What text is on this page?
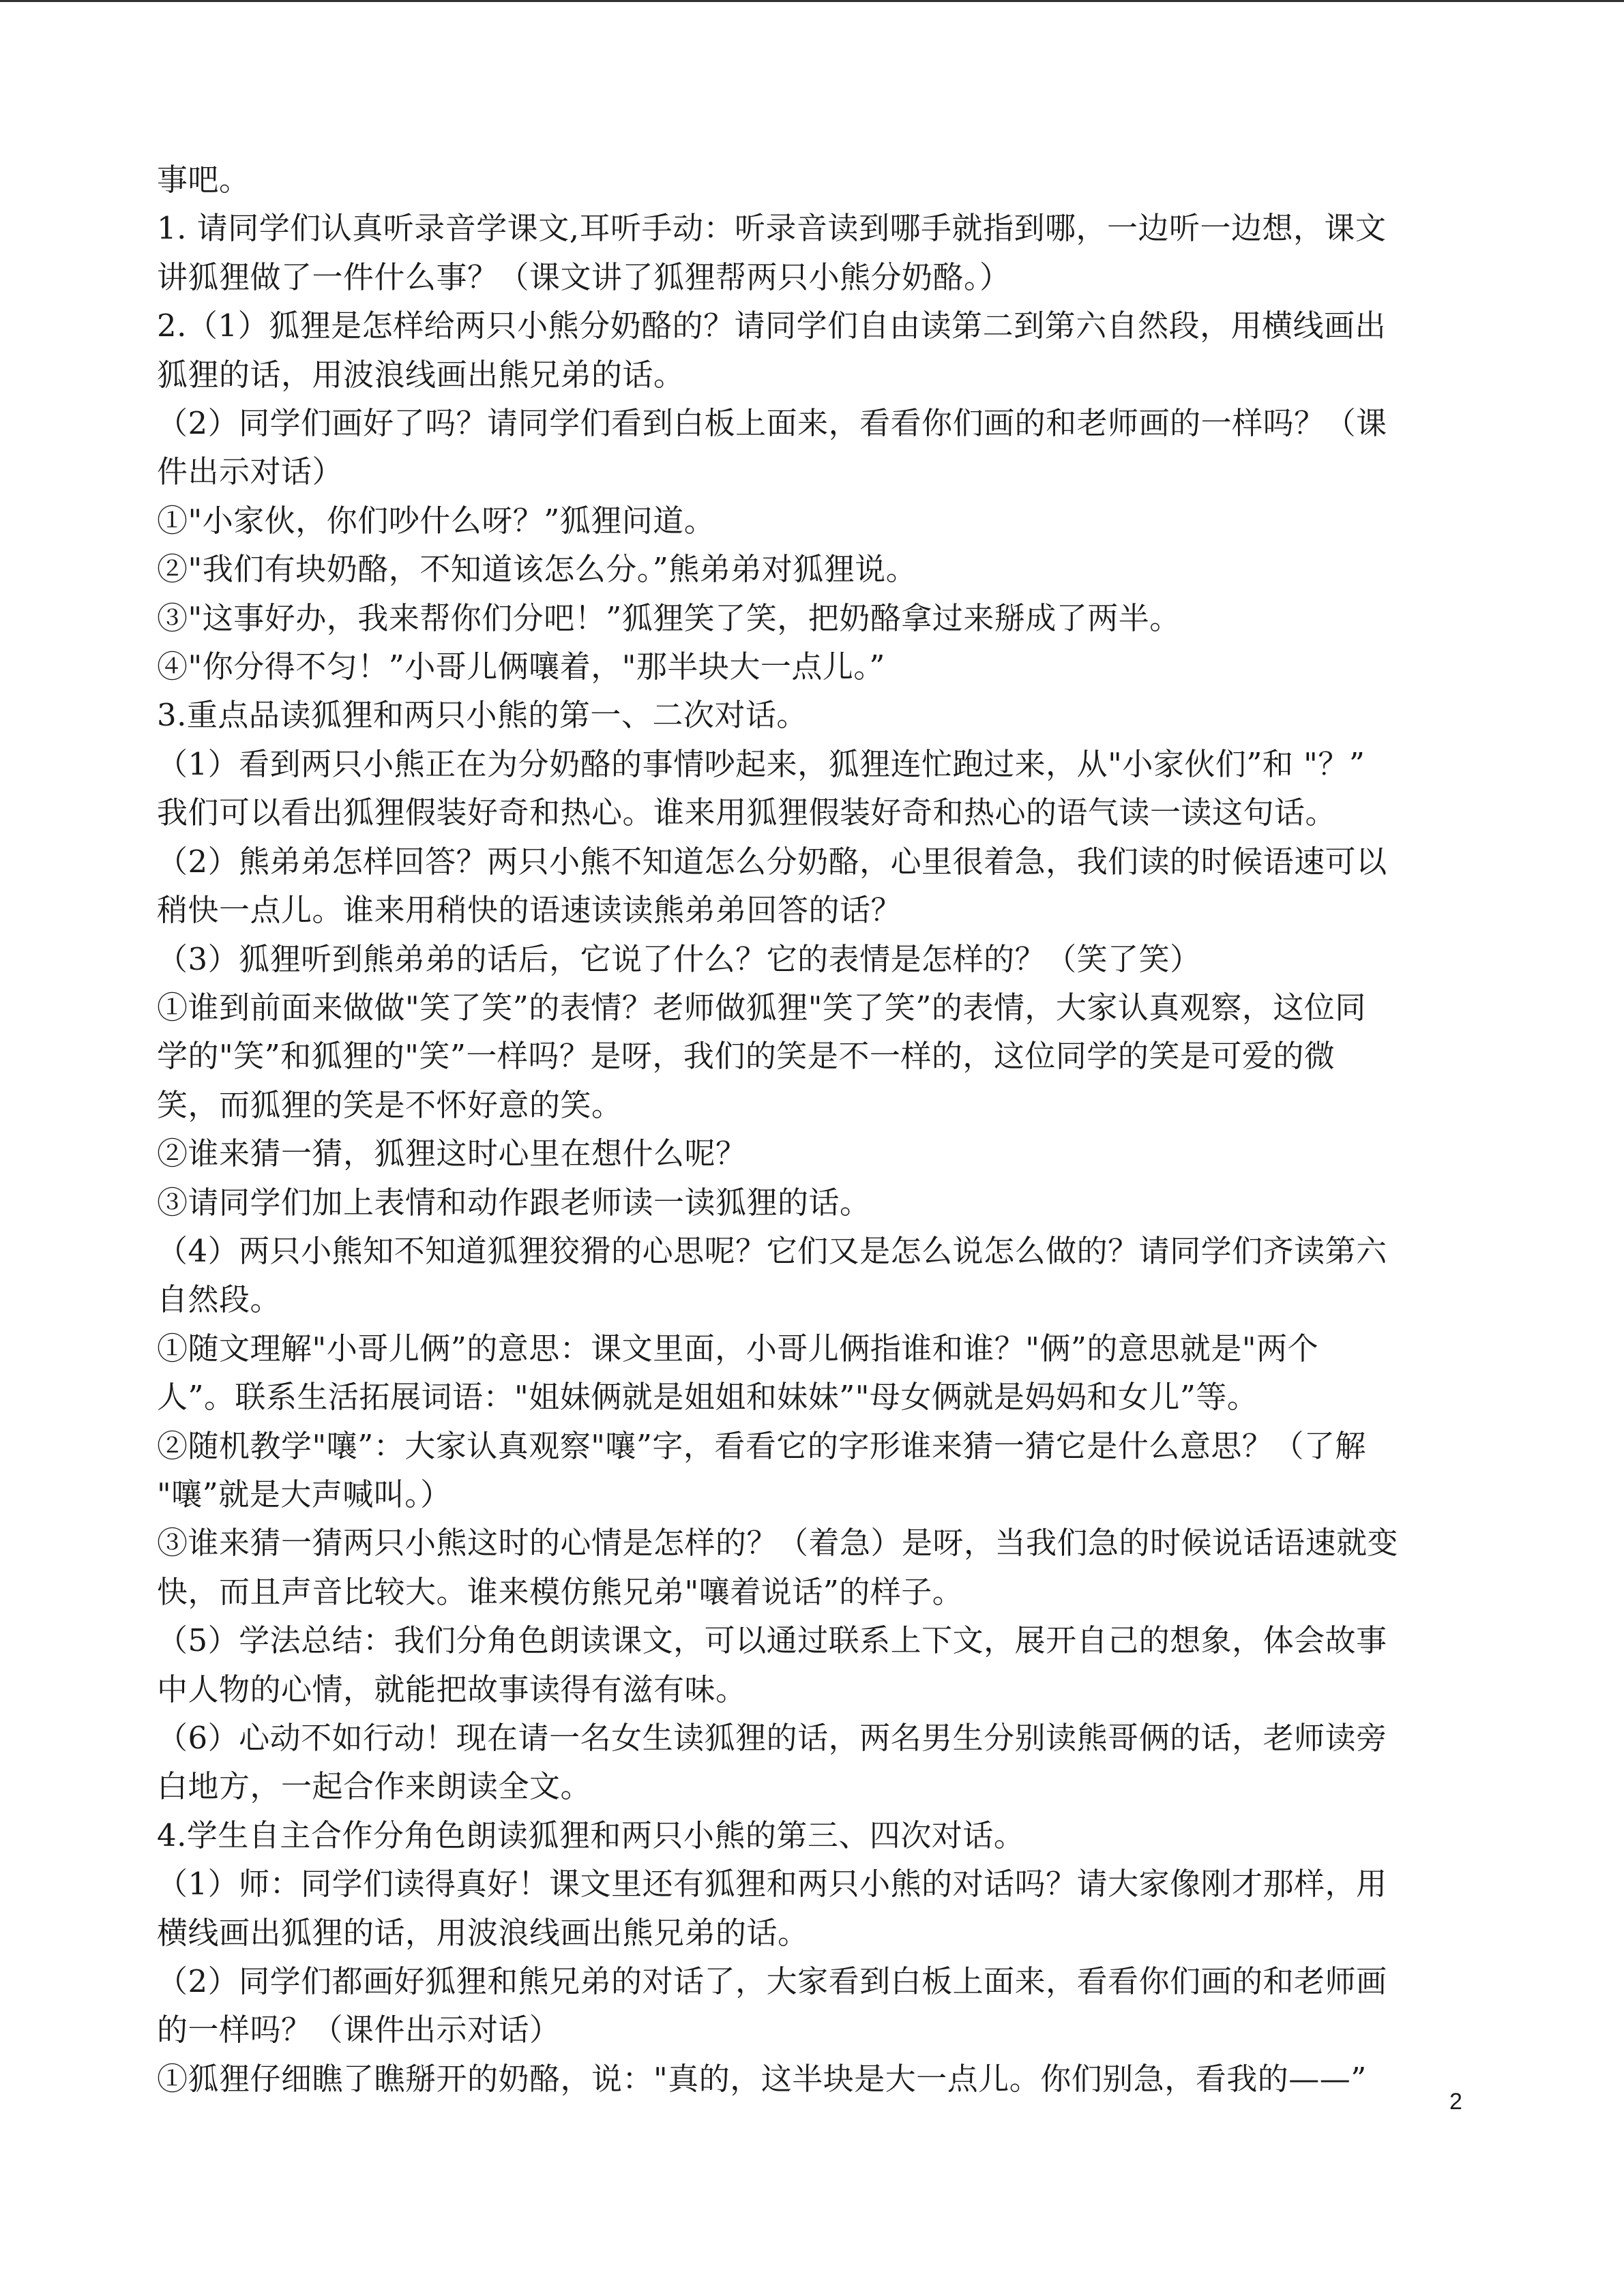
事吧。
1. 请同学们认真听录音学课文,耳听手动：听录音读到哪手就指到哪，一边听一边想，课文
讲狐狸做了一件什么事？（课文讲了狐狸帮两只小熊分奶酪。）
2.（1）狐狸是怎样给两只小熊分奶酪的？请同学们自由读第二到第六自然段，用横线画出
狐狸的话，用波浪线画出熊兄弟的话。
（2）同学们画好了吗？请同学们看到白板上面来，看看你们画的和老师画的一样吗？（课
件出示对话）
①"小家伙，你们吵什么呀？”狐狸问道。
②"我们有块奶酪，不知道该怎么分。”熊弟弟对狐狸说。
③"这事好办，我来帮你们分吧！”狐狸笑了笑，把奶酪拿过来掰成了两半。
④"你分得不匀！”小哥儿俩嚷着，"那半块大一点儿。”
3.重点品读狐狸和两只小熊的第一、二次对话。
（1）看到两只小熊正在为分奶酪的事情吵起来，狐狸连忙跑过来，从"小家伙们”和 "？”
我们可以看出狐狸假装好奇和热心。谁来用狐狸假装好奇和热心的语气读一读这句话。
（2）熊弟弟怎样回答？两只小熊不知道怎么分奶酪，心里很着急，我们读的时候语速可以
稍快一点儿。谁来用稍快的语速读读熊弟弟回答的话？
（3）狐狸听到熊弟弟的话后，它说了什么？它的表情是怎样的？（笑了笑）
①谁到前面来做做"笑了笑”的表情？老师做狐狸"笑了笑”的表情，大家认真观察，这位同
学的"笑”和狐狸的"笑”一样吗？是呀，我们的笑是不一样的，这位同学的笑是可爱的微
笑，而狐狸的笑是不怀好意的笑。
②谁来猜一猜，狐狸这时心里在想什么呢？
③请同学们加上表情和动作跟老师读一读狐狸的话。
（4）两只小熊知不知道狐狸狡猾的心思呢？它们又是怎么说怎么做的？请同学们齐读第六
自然段。
①随文理解"小哥儿俩”的意思：课文里面，小哥儿俩指谁和谁？"俩”的意思就是"两个
人”。联系生活拓展词语："姐妹俩就是姐姐和妹妹”"母女俩就是妈妈和女儿”等。
②随机教学"嚷”：大家认真观察"嚷”字，看看它的字形谁来猜一猜它是什么意思？（了解
"嚷”就是大声喊叫。）
③谁来猜一猜两只小熊这时的心情是怎样的？（着急）是呀，当我们急的时候说话语速就变
快，而且声音比较大。谁来模仿熊兄弟"嚷着说话”的样子。
（5）学法总结：我们分角色朗读课文，可以通过联系上下文，展开自己的想象，体会故事
中人物的心情，就能把故事读得有滋有味。
（6）心动不如行动！现在请一名女生读狐狸的话，两名男生分别读熊哥俩的话，老师读旁
白地方，一起合作来朗读全文。
4.学生自主合作分角色朗读狐狸和两只小熊的第三、四次对话。
（1）师：同学们读得真好！课文里还有狐狸和两只小熊的对话吗？请大家像刚才那样，用
横线画出狐狸的话，用波浪线画出熊兄弟的话。
（2）同学们都画好狐狸和熊兄弟的对话了，大家看到白板上面来，看看你们画的和老师画
的一样吗？（课件出示对话）
①狐狸仔细瞧了瞧掰开的奶酪，说："真的，这半块是大一点儿。你们别急，看我的——”
2
